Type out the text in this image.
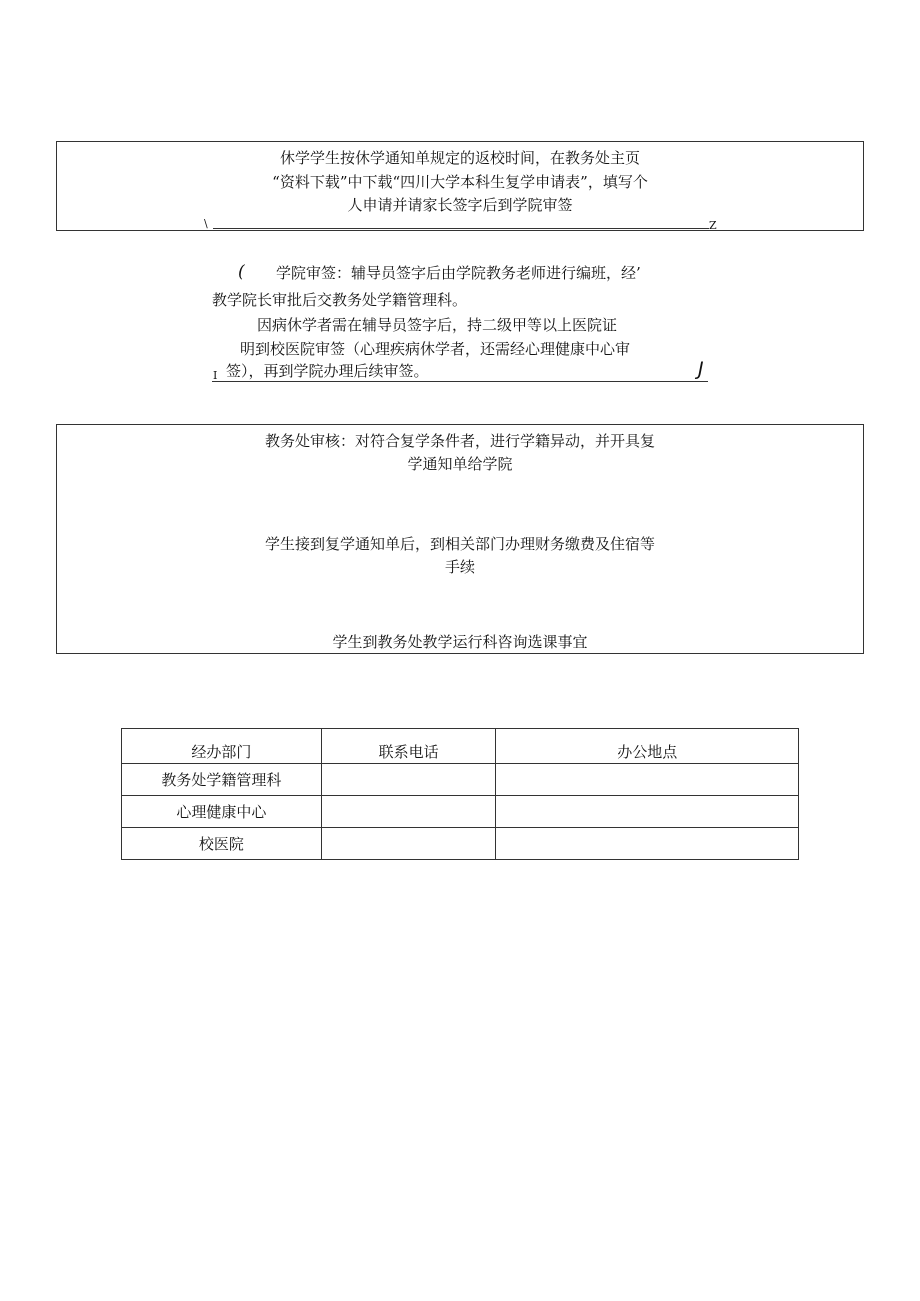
休学学生按休学通知单规定的返校时间，在教务处主页
“资料下载”中下载“四川大学本科生复学申请表”，填写个
人申请并请家长签字后到学院审签
\	Z
( 学院审签：辅导员签字后由学院教务老师进行编班，经’
教学院长审批后交教务处学籍管理科。
因病休学者需在辅导员签字后，持二级甲等以上医院证
明到校医院审签（心理疾病休学者，还需经心理健康中心审
I 签），再到学院办理后续审签。	J
教务处审核：对符合复学条件者，进行学籍异动，并开具复
学通知单给学院
学生接到复学通知单后，到相关部门办理财务缴费及住宿等
手续
学生到教务处教学运行科咨询选课事宜
经办部门	联系电话	办公地点
教务处学籍管理科		
心理健康中心		
校医院		
